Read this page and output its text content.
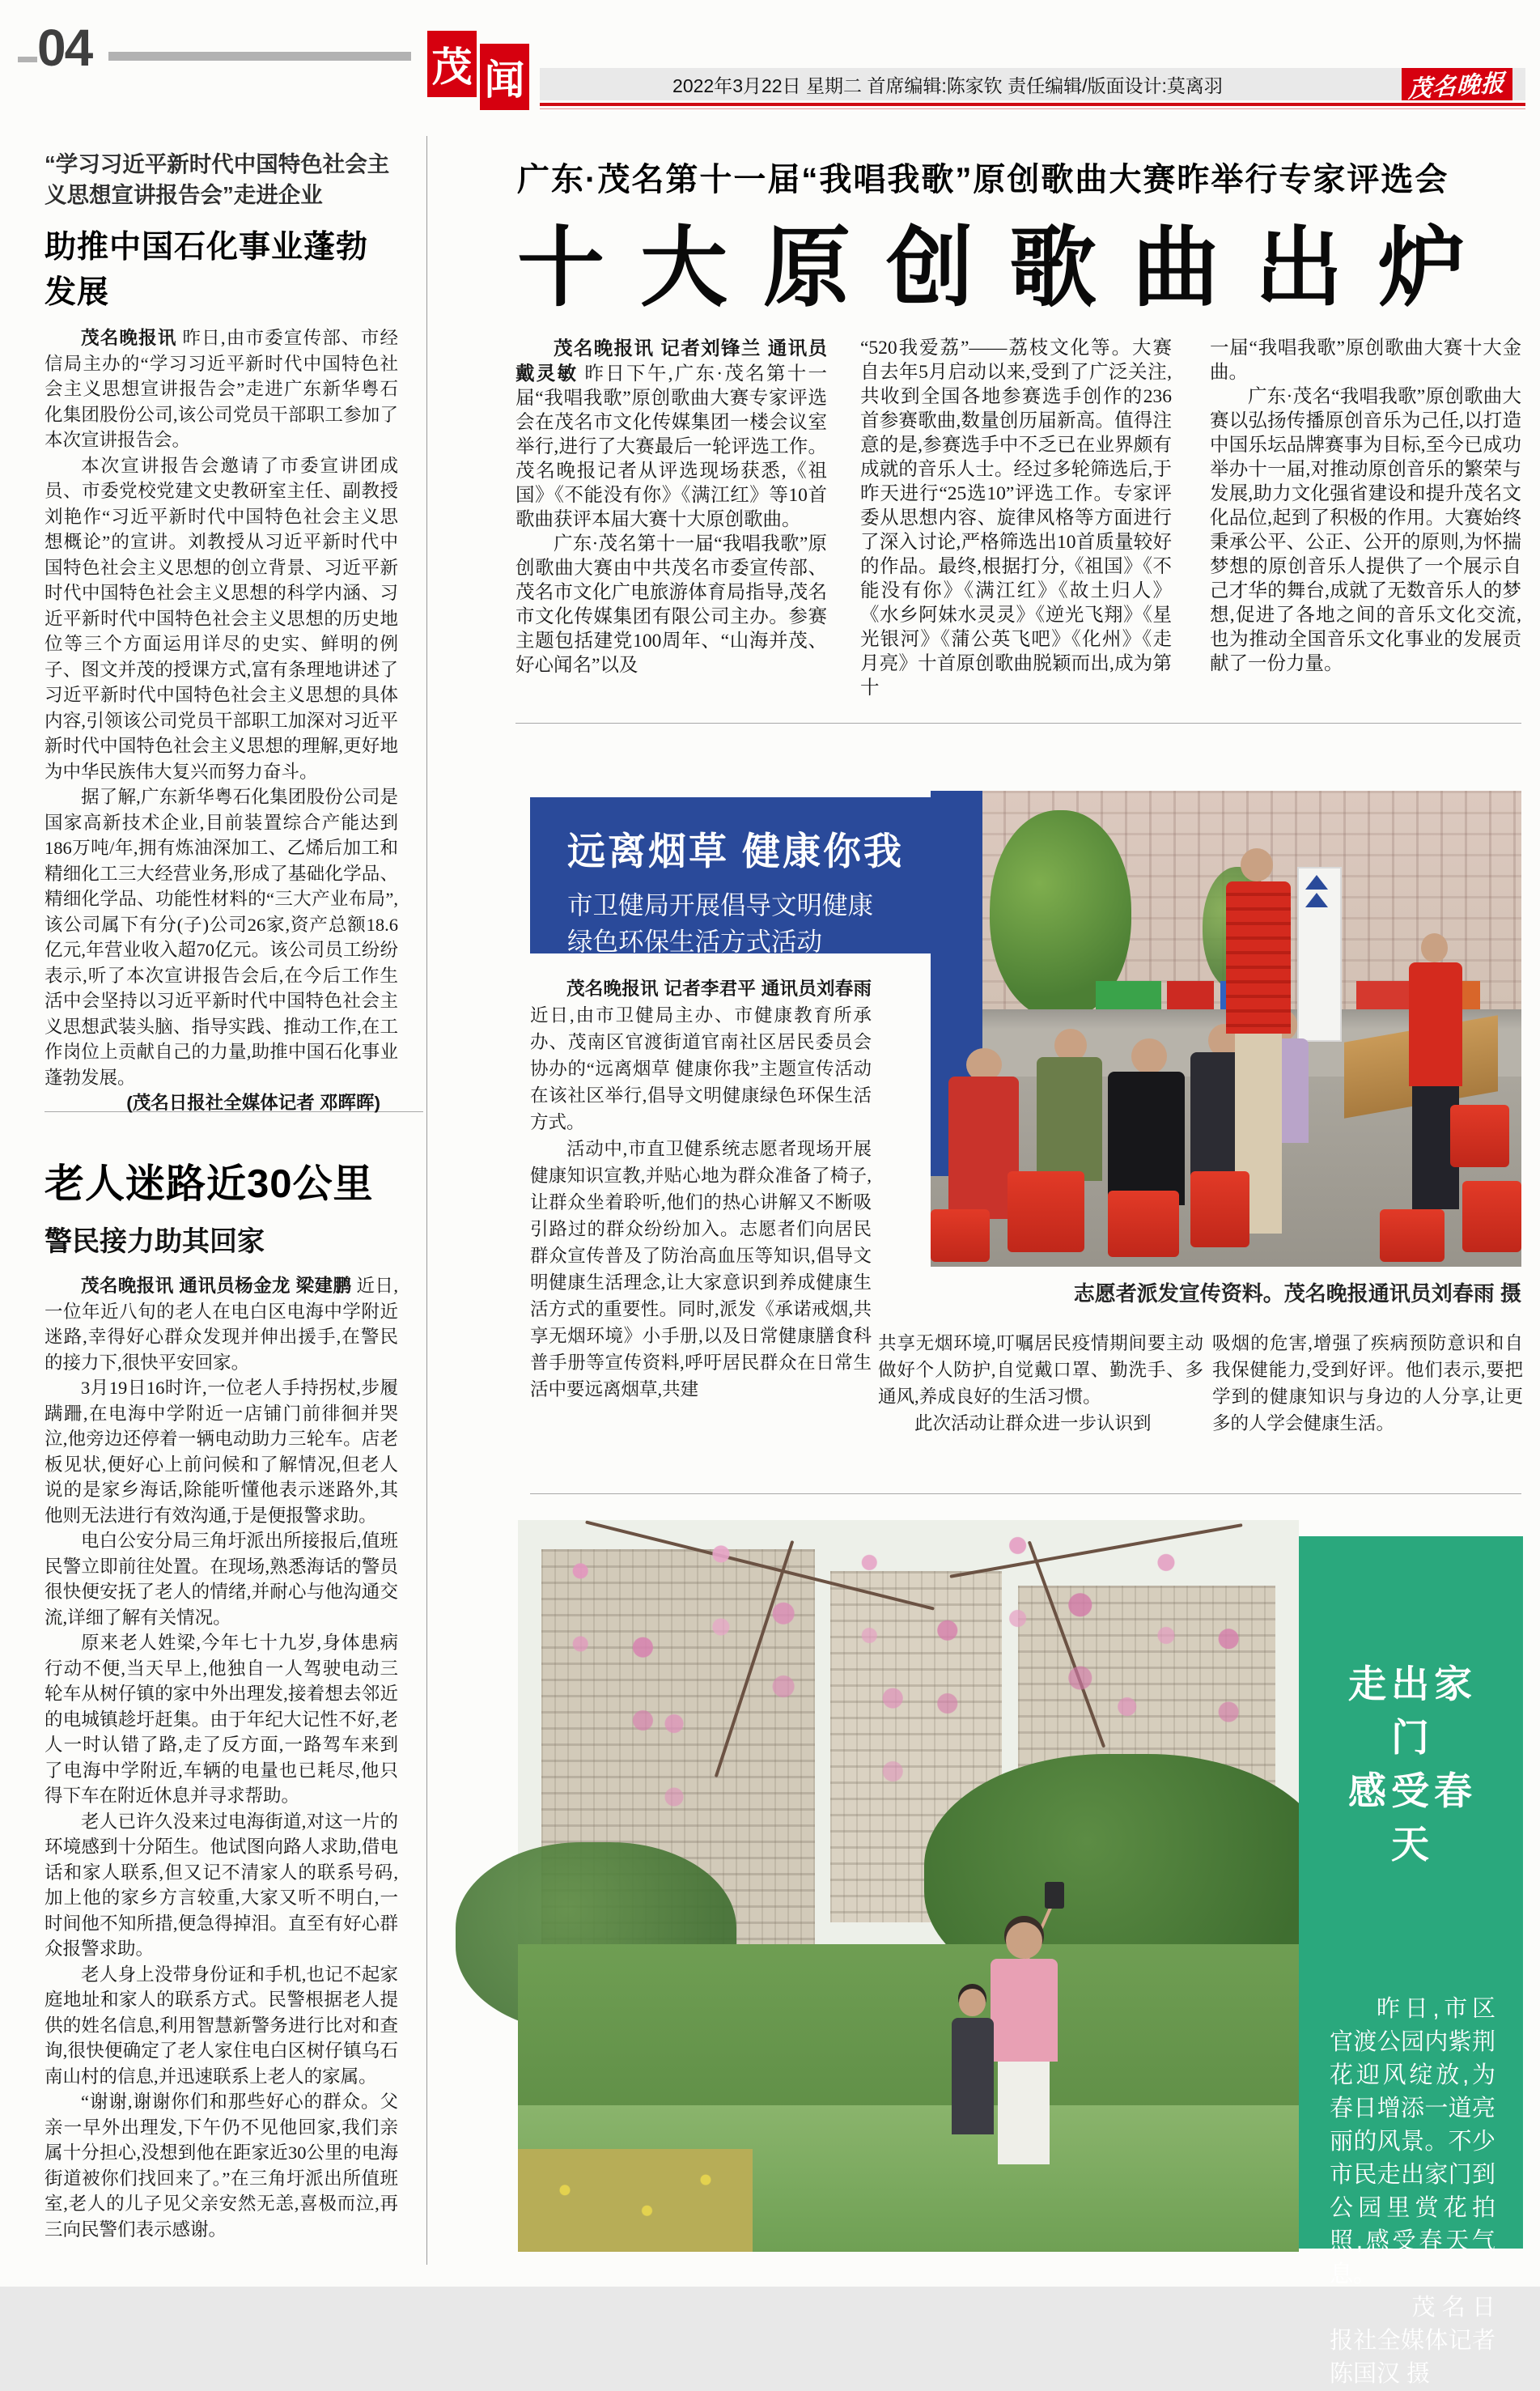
04	茂 闻	2022年3月22日 星期二 首席编辑:陈家钦 责任编辑/版面设计:莫离羽	茂名晚报
“学习习近平新时代中国特色社会主义思想宣讲报告会”走进企业
助推中国石化事业蓬勃发展

茂名晚报讯 昨日,由市委宣传部、市经信局主办的“学习习近平新时代中国特色社会主义思想宣讲报告会”走进广东新华粤石化集团股份公司,该公司党员干部职工参加了本次宣讲报告会。

本次宣讲报告会邀请了市委宣讲团成员、市委党校党建文史教研室主任、副教授刘艳作“习近平新时代中国特色社会主义思想概论”的宣讲。刘教授从习近平新时代中国特色社会主义思想的创立背景、习近平新时代中国特色社会主义思想的科学内涵、习近平新时代中国特色社会主义思想的历史地位等三个方面运用详尽的史实、鲜明的例子、图文并茂的授课方式,富有条理地讲述了习近平新时代中国特色社会主义思想的具体内容,引领该公司党员干部职工加深对习近平新时代中国特色社会主义思想的理解,更好地为中华民族伟大复兴而努力奋斗。

据了解,广东新华粤石化集团股份公司是国家高新技术企业,目前装置综合产能达到186万吨/年,拥有炼油深加工、乙烯后加工和精细化工三大经营业务,形成了基础化学品、精细化学品、功能性材料的“三大产业布局”,该公司属下有分(子)公司26家,资产总额18.6亿元,年营业收入超70亿元。该公司员工纷纷表示,听了本次宣讲报告会后,在今后工作生活中会坚持以习近平新时代中国特色社会主义思想武装头脑、指导实践、推动工作,在工作岗位上贡献自己的力量,助推中国石化事业蓬勃发展。

(茂名日报社全媒体记者 邓晖晖)

老人迷路近30公里
警民接力助其回家

茂名晚报讯 通讯员杨金龙 梁建鹏 近日,一位年近八旬的老人在电白区电海中学附近迷路,幸得好心群众发现并伸出援手,在警民的接力下,很快平安回家。

3月19日16时许,一位老人手持拐杖,步履蹒跚,在电海中学附近一店铺门前徘徊并哭泣,他旁边还停着一辆电动助力三轮车。店老板见状,便好心上前问候和了解情况,但老人说的是家乡海话,除能听懂他表示迷路外,其他则无法进行有效沟通,于是便报警求助。

电白公安分局三角圩派出所接报后,值班民警立即前往处置。在现场,熟悉海话的警员很快便安抚了老人的情绪,并耐心与他沟通交流,详细了解有关情况。

原来老人姓梁,今年七十九岁,身体患病行动不便,当天早上,他独自一人驾驶电动三轮车从树仔镇的家中外出理发,接着想去邻近的电城镇趁圩赶集。由于年纪大记性不好,老人一时认错了路,走了反方面,一路驾车来到了电海中学附近,车辆的电量也已耗尽,他只得下车在附近休息并寻求帮助。

老人已许久没来过电海街道,对这一片的环境感到十分陌生。他试图向路人求助,借电话和家人联系,但又记不清家人的联系号码,加上他的家乡方言较重,大家又听不明白,一时间他不知所措,便急得掉泪。直至有好心群众报警求助。

老人身上没带身份证和手机,也记不起家庭地址和家人的联系方式。民警根据老人提供的姓名信息,利用智慧新警务进行比对和查询,很快便确定了老人家住电白区树仔镇乌石南山村的信息,并迅速联系上老人的家属。

“谢谢,谢谢你们和那些好心的群众。父亲一早外出理发,下午仍不见他回家,我们亲属十分担心,没想到他在距家近30公里的电海街道被你们找回来了。”在三角圩派出所值班室,老人的儿子见父亲安然无恙,喜极而泣,再三向民警们表示感谢。

广东·茂名第十一届“我唱我歌”原创歌曲大赛昨举行专家评选会
十大原创歌曲出炉

茂名晚报讯 记者刘锋兰 通讯员戴灵敏 昨日下午,广东·茂名第十一届“我唱我歌”原创歌曲大赛专家评选会在茂名市文化传媒集团一楼会议室举行,进行了大赛最后一轮评选工作。茂名晚报记者从评选现场获悉,《祖国》《不能没有你》《满江红》等10首歌曲获评本届大赛十大原创歌曲。

广东·茂名第十一届“我唱我歌”原创歌曲大赛由中共茂名市委宣传部、茂名市文化广电旅游体育局指导,茂名市文化传媒集团有限公司主办。参赛主题包括建党100周年、“山海并茂、好心闻名”以及

“520我爱荔”——荔枝文化等。大赛自去年5月启动以来,受到了广泛关注,共收到全国各地参赛选手创作的236首参赛歌曲,数量创历届新高。值得注意的是,参赛选手中不乏已在业界颇有成就的音乐人士。经过多轮筛选后,于昨天进行“25选10”评选工作。专家评委从思想内容、旋律风格等方面进行了深入讨论,严格筛选出10首质量较好的作品。最终,根据打分,《祖国》《不能没有你》《满江红》《故土归人》《水乡阿妹水灵灵》《逆光飞翔》《星光银河》《蒲公英飞吧》《化州》《走月亮》十首原创歌曲脱颖而出,成为第十

一届“我唱我歌”原创歌曲大赛十大金曲。

广东·茂名“我唱我歌”原创歌曲大赛以弘扬传播原创音乐为己任,以打造中国乐坛品牌赛事为目标,至今已成功举办十一届,对推动原创音乐的繁荣与发展,助力文化强省建设和提升茂名文化品位,起到了积极的作用。大赛始终秉承公平、公正、公开的原则,为怀揣梦想的原创音乐人提供了一个展示自己才华的舞台,成就了无数音乐人的梦想,促进了各地之间的音乐文化交流,也为推动全国音乐文化事业的发展贡献了一份力量。

远离烟草 健康你我
市卫健局开展倡导文明健康
绿色环保生活方式活动
志愿者派发宣传资料。茂名晚报通讯员刘春雨 摄

茂名晚报讯 记者李君平 通讯员刘春雨 近日,由市卫健局主办、市健康教育所承办、茂南区官渡街道官南社区居民委员会协办的“远离烟草 健康你我”主题宣传活动在该社区举行,倡导文明健康绿色环保生活方式。

活动中,市直卫健系统志愿者现场开展健康知识宣教,并贴心地为群众准备了椅子,让群众坐着聆听,他们的热心讲解又不断吸引路过的群众纷纷加入。志愿者们向居民群众宣传普及了防治高血压等知识,倡导文明健康生活理念,让大家意识到养成健康生活方式的重要性。同时,派发《承诺戒烟,共享无烟环境》小手册,以及日常健康膳食科普手册等宣传资料,呼吁居民群众在日常生活中要远离烟草,共建

共享无烟环境,叮嘱居民疫情期间要主动做好个人防护,自觉戴口罩、勤洗手、多通风,养成良好的生活习惯。

此次活动让群众进一步认识到

吸烟的危害,增强了疾病预防意识和自我保健能力,受到好评。他们表示,要把学到的健康知识与身边的人分享,让更多的人学会健康生活。

走出家门
感受春天
昨日,市区官渡公园内紫荆花迎风绽放,为春日增添一道亮丽的风景。不少市民走出家门到公园里赏花拍照,感受春天气息。
茂名日报社全媒体记者 陈国汉 摄
